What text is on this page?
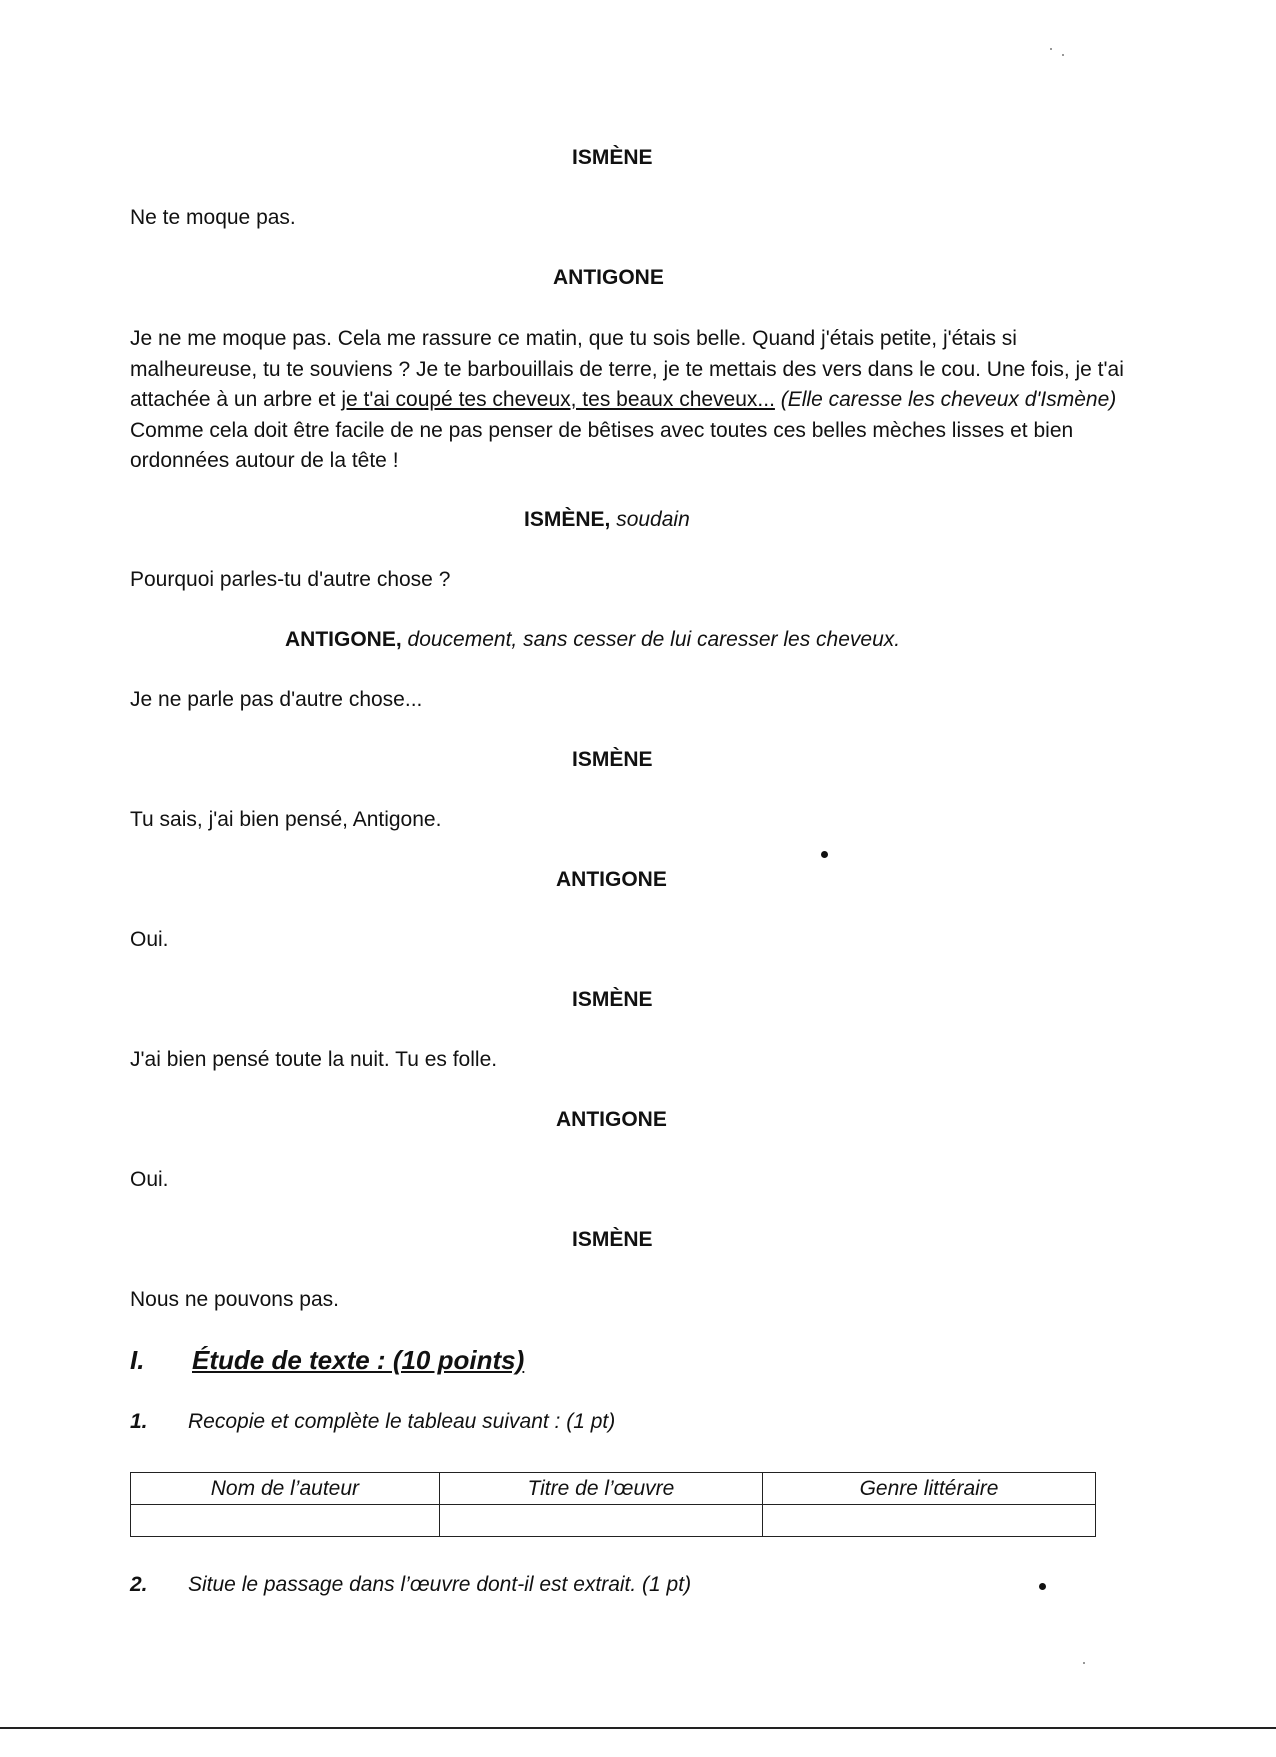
ISMÈNE
Ne te moque pas.
ANTIGONE
Je ne me moque pas. Cela me rassure ce matin, que tu sois belle. Quand j'étais petite, j'étais si malheureuse, tu te souviens ? Je te barbouillais de terre, je te mettais des vers dans le cou. Une fois, je t'ai attachée à un arbre et je t'ai coupé tes cheveux, tes beaux cheveux... (Elle caresse les cheveux d'Ismène) Comme cela doit être facile de ne pas penser de bêtises avec toutes ces belles mèches lisses et bien ordonnées autour de la tête !
ISMÈNE, soudain
Pourquoi parles-tu d'autre chose ?
ANTIGONE, doucement, sans cesser de lui caresser les cheveux.
Je ne parle pas d'autre chose...
ISMÈNE
Tu sais, j'ai bien pensé, Antigone.
ANTIGONE
Oui.
ISMÈNE
J'ai bien pensé toute la nuit. Tu es folle.
ANTIGONE
Oui.
ISMÈNE
Nous ne pouvons pas.
I. Étude de texte : (10 points)
1. Recopie et complète le tableau suivant : (1 pt)
Nom de l’auteur	Titre de l’œuvre	Genre littéraire

2. Situe le passage dans l’œuvre dont-il est extrait. (1 pt)
